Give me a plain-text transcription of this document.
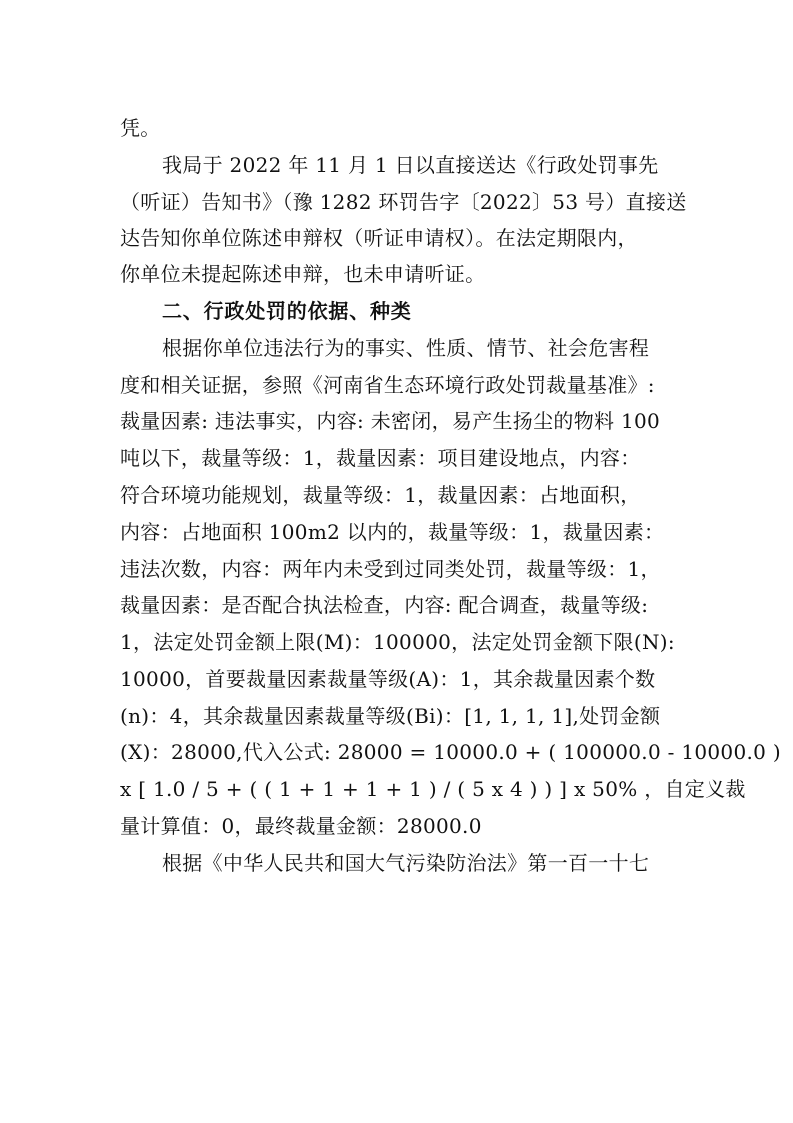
凭。
我局于 2022 年 11 月 1 日以直接送达《行政处罚事先
（听证）告知书》（豫 1282 环罚告字〔2022〕53 号）直接送
达告知你单位陈述申辩权（听证申请权）。在法定期限内，
你单位未提起陈述申辩，也未申请听证。
二、行政处罚的依据、种类
根据你单位违法行为的事实、性质、情节、社会危害程
度和相关证据，参照《河南省生态环境行政处罚裁量基准》:
裁量因素: 违法事实，内容: 未密闭，易产生扬尘的物料 100
吨以下，裁量等级：1，裁量因素：项目建设地点，内容：
符合环境功能规划，裁量等级：1，裁量因素：占地面积，
内容：占地面积 100m2 以内的，裁量等级：1，裁量因素：
违法次数，内容：两年内未受到过同类处罚，裁量等级：1，
裁量因素：是否配合执法检查，内容: 配合调查，裁量等级:
1，法定处罚金额上限(M)：100000，法定处罚金额下限(N):
10000，首要裁量因素裁量等级(A)：1，其余裁量因素个数
(n)：4，其余裁量因素裁量等级(Bi)：[1, 1, 1, 1],处罚金额
(X)：28000,代入公式: 28000 = 10000.0 + ( 100000.0 - 10000.0 )
x [ 1.0 / 5 + ( ( 1 + 1 + 1 + 1 ) / ( 5 x 4 ) ) ] x 50% ，自定义裁
量计算值：0，最终裁量金额：28000.0
根据《中华人民共和国大气污染防治法》第一百一十七
